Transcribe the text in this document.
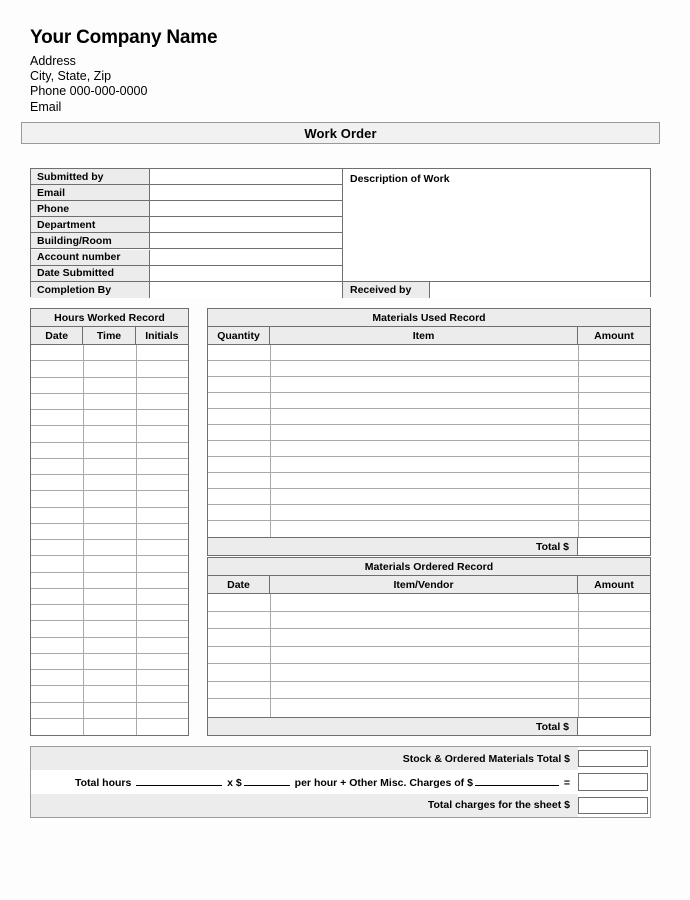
Your Company Name
Address
City, State, Zip
Phone 000-000-0000
Email
Work Order
Submitted by
Email
Phone
Department
Building/Room
Account number
Date Submitted
Completion By
Description of Work
Received by
Hours Worked Record
Date	Time	Initials
Materials Used Record
Quantity	Item	Amount
Total $
Materials Ordered Record
Date	Item/Vendor	Amount
Total $
Stock & Ordered Materials Total $
Total hours	x $	per hour + Other Misc. Charges of $	=
Total charges for the sheet $
